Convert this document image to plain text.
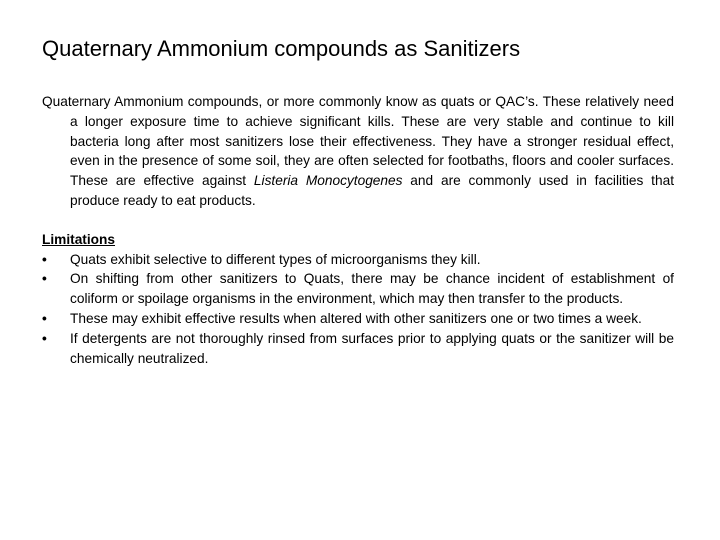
Quaternary Ammonium compounds as Sanitizers

Quaternary Ammonium compounds, or more commonly know as quats or QAC’s. These relatively need a longer exposure time to achieve significant kills. These are very stable and continue to kill bacteria long after most sanitizers lose their effectiveness. They have a stronger residual effect, even in the presence of some soil, they are often selected for footbaths, floors and cooler surfaces. These are effective against Listeria Monocytogenes and are commonly used in facilities that produce ready to eat products.

Limitations
•	Quats exhibit selective to different types of microorganisms they kill.
•	On shifting from other sanitizers to Quats, there may be chance incident of establishment of coliform or spoilage organisms in the environment, which may then transfer to the products.
•	These may exhibit effective results when altered with other sanitizers one or two times a week.
•	If detergents are not thoroughly rinsed from surfaces prior to applying quats or the sanitizer will be chemically neutralized.
